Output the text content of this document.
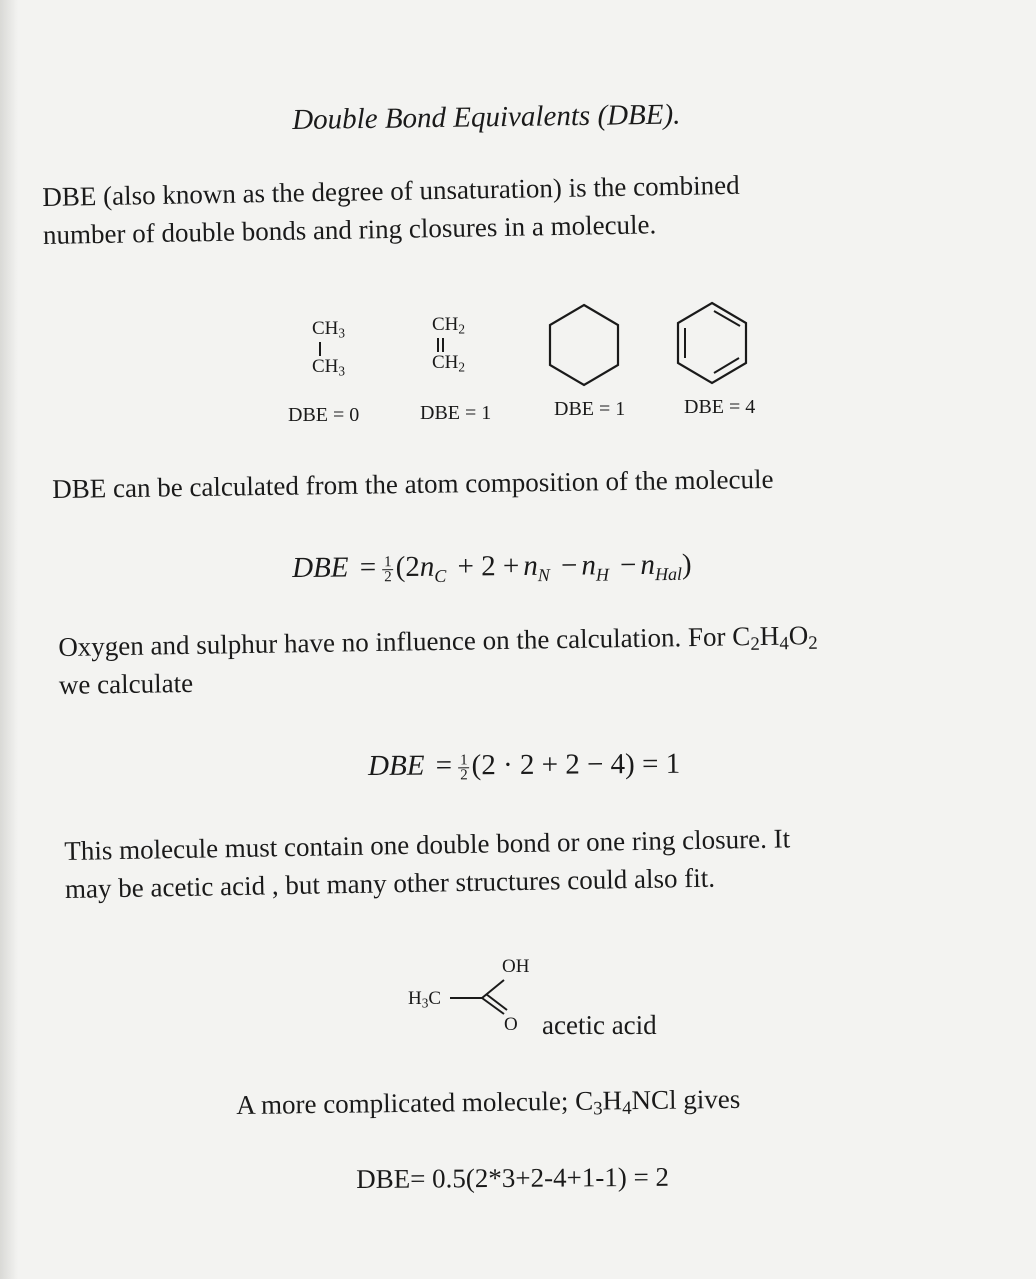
Double Bond Equivalents (DBE).
DBE (also known as the degree of unsaturation) is the combined
number of double bonds and ring closures in a molecule.
$CH_3$
$CH_3$
DBE = 0
$CH_2$
$CH_2$
DBE = 1	DBE = 1	DBE = 4
DBE can be calculated from the atom composition of the molecule
DBE = $\frac{1}{2} (2n_C + 2 + n_N - n_H - n_{Hal})$
Oxygen and sulphur have no influence on the calculation. For $C_2H_4O_2$
we calculate
DBE = $\frac{1}{2} (2 \cdot 2 + 2 - 4) = 1$
This molecule must contain one double bond or one ring closure. It
may be acetic acid , but many other structures could also fit.
OH
$H_3C$
O acetic acid
A more complicated molecule; $C_3H_4NCl$ gives
DBE= 0.5(2*3+2-4+1-1) = 2
